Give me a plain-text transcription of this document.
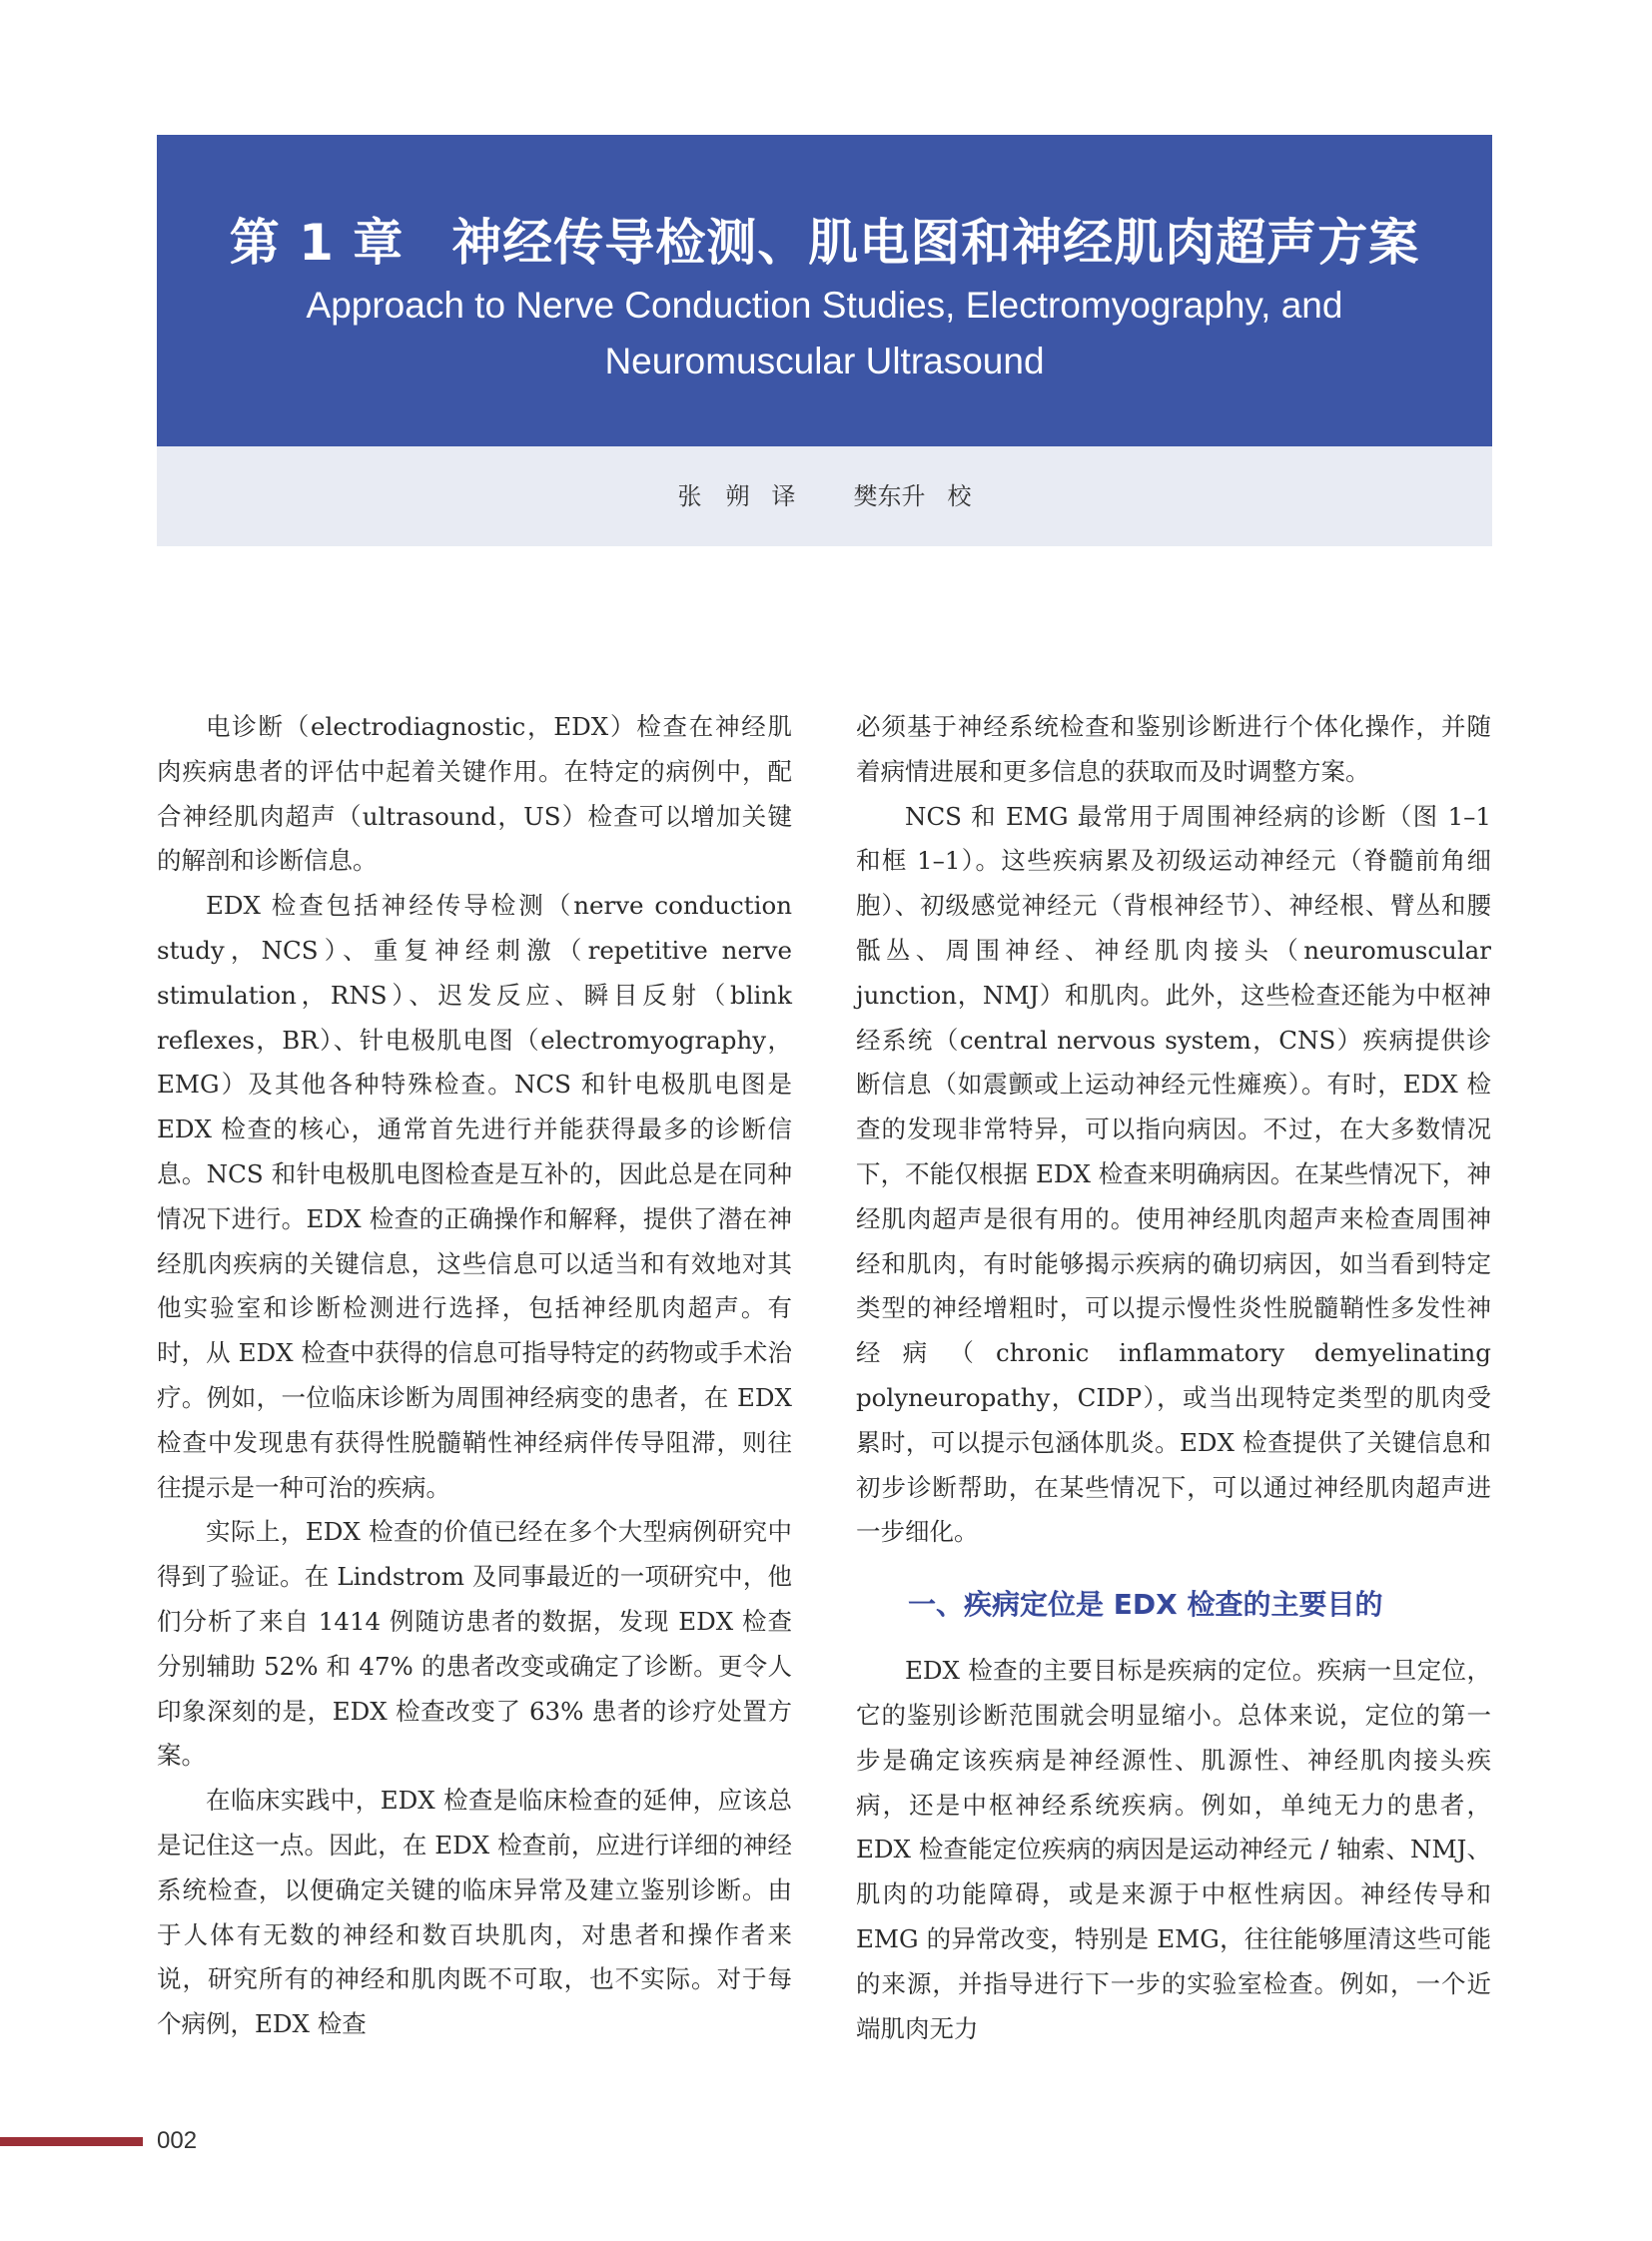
第 1 章 神经传导检测、肌电图和神经肌肉超声方案
Approach to Nerve Conduction Studies, Electromyography, and
Neuromuscular Ultrasound
张　朔 译 樊东升 校

电诊断（electrodiagnostic，EDX）检查在神经肌肉疾病患者的评估中起着关键作用。在特定的病例中，配合神经肌肉超声（ultrasound，US）检查可以增加关键的解剖和诊断信息。

EDX 检查包括神经传导检测（nerve conduction study，NCS）、重复神经刺激（repetitive nerve stimulation，RNS）、迟发反应、瞬目反射（blink reflexes，BR）、针电极肌电图（electromyography，EMG）及其他各种特殊检查。NCS 和针电极肌电图是 EDX 检查的核心，通常首先进行并能获得最多的诊断信息。NCS 和针电极肌电图检查是互补的，因此总是在同种情况下进行。EDX 检查的正确操作和解释，提供了潜在神经肌肉疾病的关键信息，这些信息可以适当和有效地对其他实验室和诊断检测进行选择，包括神经肌肉超声。有时，从 EDX 检查中获得的信息可指导特定的药物或手术治疗。例如，一位临床诊断为周围神经病变的患者，在 EDX 检查中发现患有获得性脱髓鞘性神经病伴传导阻滞，则往往提示是一种可治的疾病。

实际上，EDX 检查的价值已经在多个大型病例研究中得到了验证。在 Lindstrom 及同事最近的一项研究中，他们分析了来自 1414 例随访患者的数据，发现 EDX 检查分别辅助 52% 和 47% 的患者改变或确定了诊断。更令人印象深刻的是，EDX 检查改变了 63% 患者的诊疗处置方案。

在临床实践中，EDX 检查是临床检查的延伸，应该总是记住这一点。因此，在 EDX 检查前，应进行详细的神经系统检查，以便确定关键的临床异常及建立鉴别诊断。由于人体有无数的神经和数百块肌肉，对患者和操作者来说，研究所有的神经和肌肉既不可取，也不实际。对于每个病例，EDX 检查

必须基于神经系统检查和鉴别诊断进行个体化操作，并随着病情进展和更多信息的获取而及时调整方案。

NCS 和 EMG 最常用于周围神经病的诊断（图 1–1 和框 1–1）。这些疾病累及初级运动神经元（脊髓前角细胞）、初级感觉神经元（背根神经节）、神经根、臂丛和腰骶丛、周围神经、神经肌肉接头（neuromuscular junction，NMJ）和肌肉。此外，这些检查还能为中枢神经系统（central nervous system，CNS）疾病提供诊断信息（如震颤或上运动神经元性瘫痪）。有时，EDX 检查的发现非常特异，可以指向病因。不过，在大多数情况下，不能仅根据 EDX 检查来明确病因。在某些情况下，神经肌肉超声是很有用的。使用神经肌肉超声来检查周围神经和肌肉，有时能够揭示疾病的确切病因，如当看到特定类型的神经增粗时，可以提示慢性炎性脱髓鞘性多发性神经病（chronic inflammatory demyelinating polyneuropathy，CIDP），或当出现特定类型的肌肉受累时，可以提示包涵体肌炎。EDX 检查提供了关键信息和初步诊断帮助，在某些情况下，可以通过神经肌肉超声进一步细化。

一、疾病定位是 EDX 检查的主要目的

EDX 检查的主要目标是疾病的定位。疾病一旦定位，它的鉴别诊断范围就会明显缩小。总体来说，定位的第一步是确定该疾病是神经源性、肌源性、神经肌肉接头疾病，还是中枢神经系统疾病。例如，单纯无力的患者，EDX 检查能定位疾病的病因是运动神经元 / 轴索、NMJ、肌肉的功能障碍，或是来源于中枢性病因。神经传导和 EMG 的异常改变，特别是 EMG，往往能够厘清这些可能的来源，并指导进行下一步的实验室检查。例如，一个近端肌肉无力

002
